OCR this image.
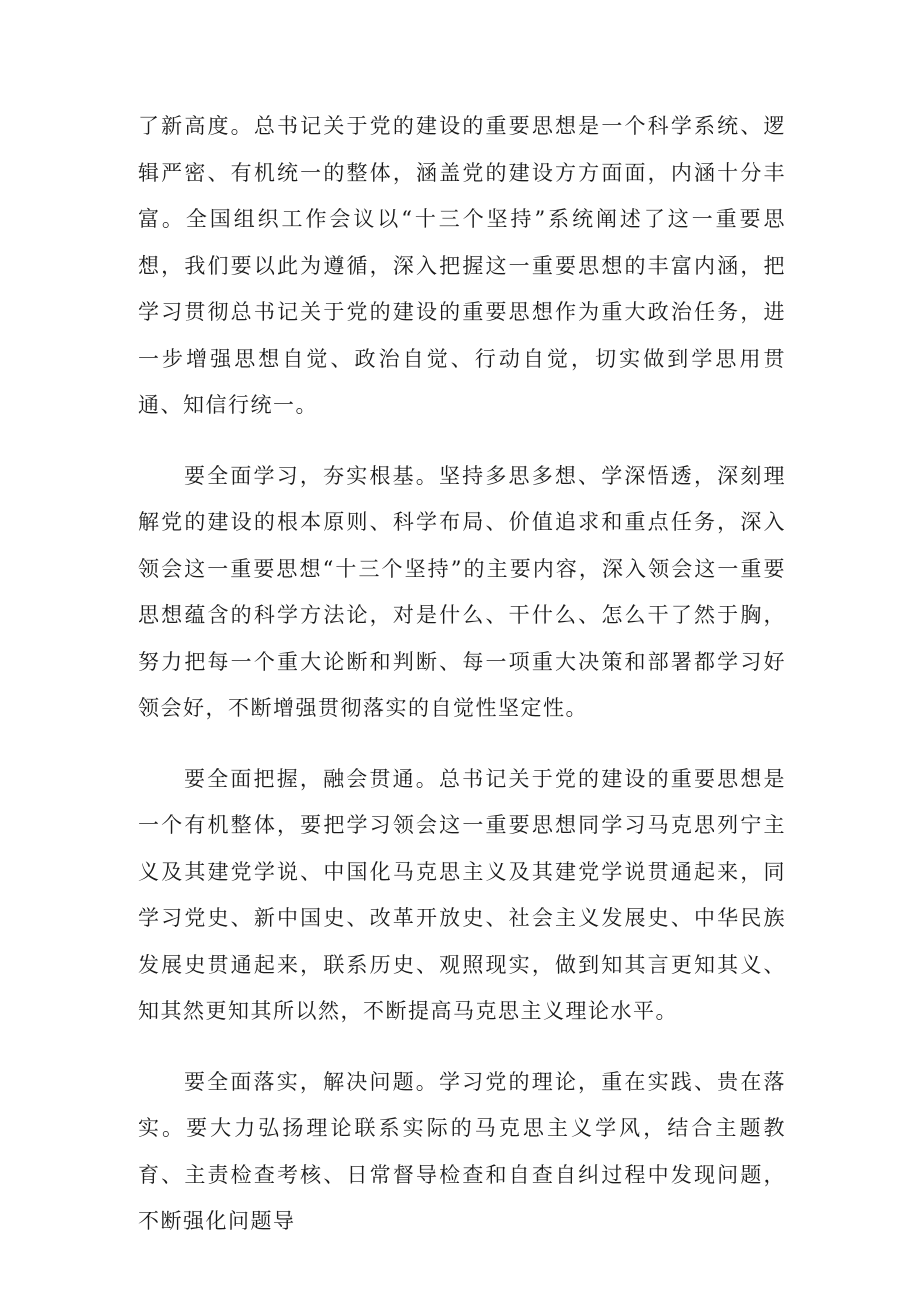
了新高度。总书记关于党的建设的重要思想是一个科学系统、逻辑严密、有机统一的整体，涵盖党的建设方方面面，内涵十分丰富。全国组织工作会议以“十三个坚持”系统阐述了这一重要思想，我们要以此为遵循，深入把握这一重要思想的丰富内涵，把学习贯彻总书记关于党的建设的重要思想作为重大政治任务，进一步增强思想自觉、政治自觉、行动自觉，切实做到学思用贯通、知信行统一。

要全面学习，夯实根基。坚持多思多想、学深悟透，深刻理解党的建设的根本原则、科学布局、价值追求和重点任务，深入领会这一重要思想“十三个坚持”的主要内容，深入领会这一重要思想蕴含的科学方法论，对是什么、干什么、怎么干了然于胸，努力把每一个重大论断和判断、每一项重大决策和部署都学习好领会好，不断增强贯彻落实的自觉性坚定性。

要全面把握，融会贯通。总书记关于党的建设的重要思想是一个有机整体，要把学习领会这一重要思想同学习马克思列宁主义及其建党学说、中国化马克思主义及其建党学说贯通起来，同学习党史、新中国史、改革开放史、社会主义发展史、中华民族发展史贯通起来，联系历史、观照现实，做到知其言更知其义、知其然更知其所以然，不断提高马克思主义理论水平。

要全面落实，解决问题。学习党的理论，重在实践、贵在落实。要大力弘扬理论联系实际的马克思主义学风，结合主题教育、主责检查考核、日常督导检查和自查自纠过程中发现问题，不断强化问题导
